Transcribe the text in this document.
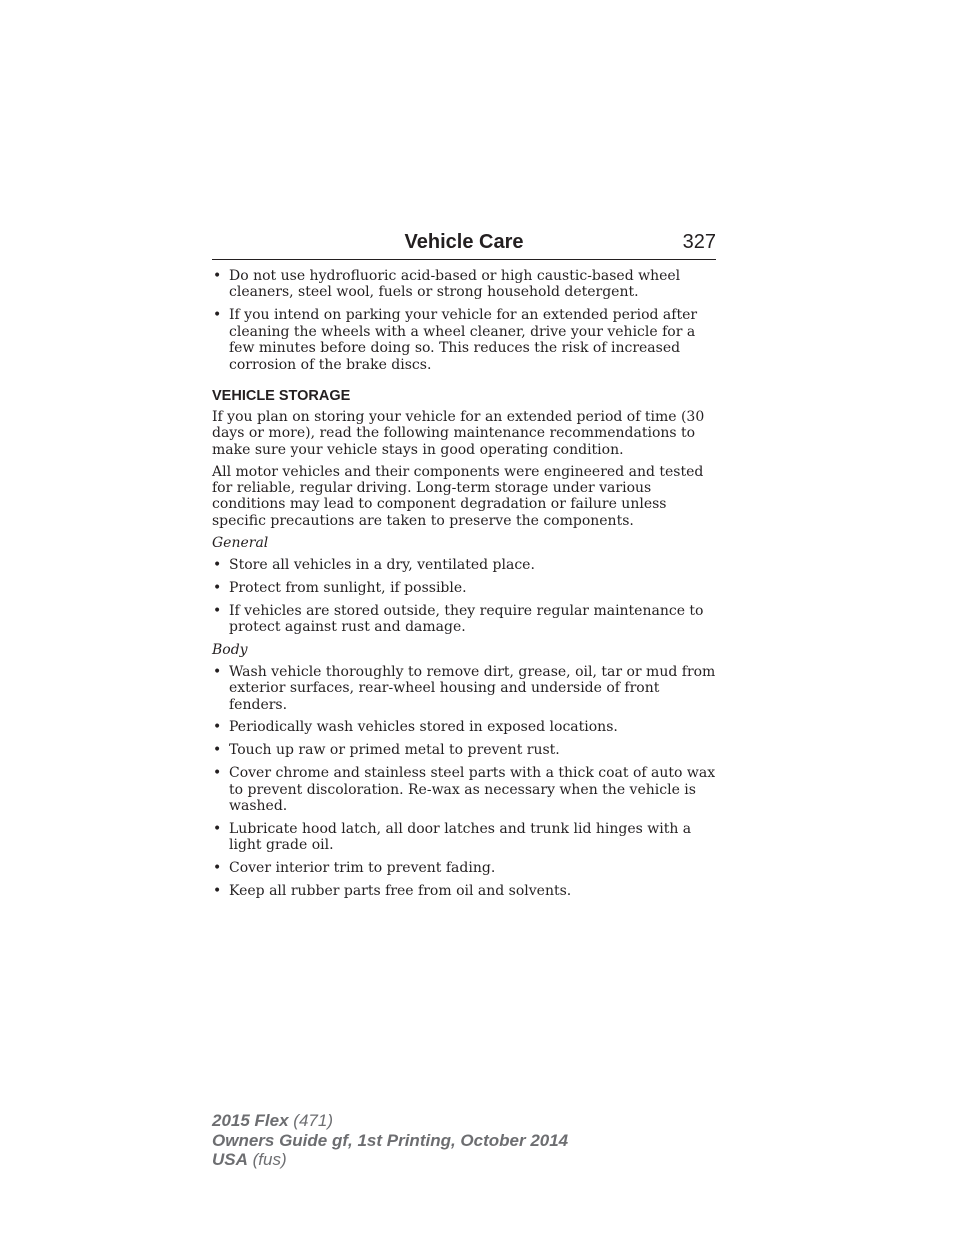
Vehicle Care	327
• Do not use hydrofluoric acid-based or high caustic-based wheel cleaners, steel wool, fuels or strong household detergent.
• If you intend on parking your vehicle for an extended period after cleaning the wheels with a wheel cleaner, drive your vehicle for a few minutes before doing so. This reduces the risk of increased corrosion of the brake discs.
VEHICLE STORAGE

If you plan on storing your vehicle for an extended period of time (30 days or more), read the following maintenance recommendations to make sure your vehicle stays in good operating condition.

All motor vehicles and their components were engineered and tested for reliable, regular driving. Long-term storage under various conditions may lead to component degradation or failure unless specific precautions are taken to preserve the components.

General
• Store all vehicles in a dry, ventilated place.
• Protect from sunlight, if possible.
• If vehicles are stored outside, they require regular maintenance to protect against rust and damage.
Body
• Wash vehicle thoroughly to remove dirt, grease, oil, tar or mud from exterior surfaces, rear-wheel housing and underside of front fenders.
• Periodically wash vehicles stored in exposed locations.
• Touch up raw or primed metal to prevent rust.
• Cover chrome and stainless steel parts with a thick coat of auto wax to prevent discoloration. Re-wax as necessary when the vehicle is washed.
• Lubricate hood latch, all door latches and trunk lid hinges with a light grade oil.
• Cover interior trim to prevent fading.
• Keep all rubber parts free from oil and solvents.
2015 Flex (471)
Owners Guide gf, 1st Printing, October 2014
USA (fus)
